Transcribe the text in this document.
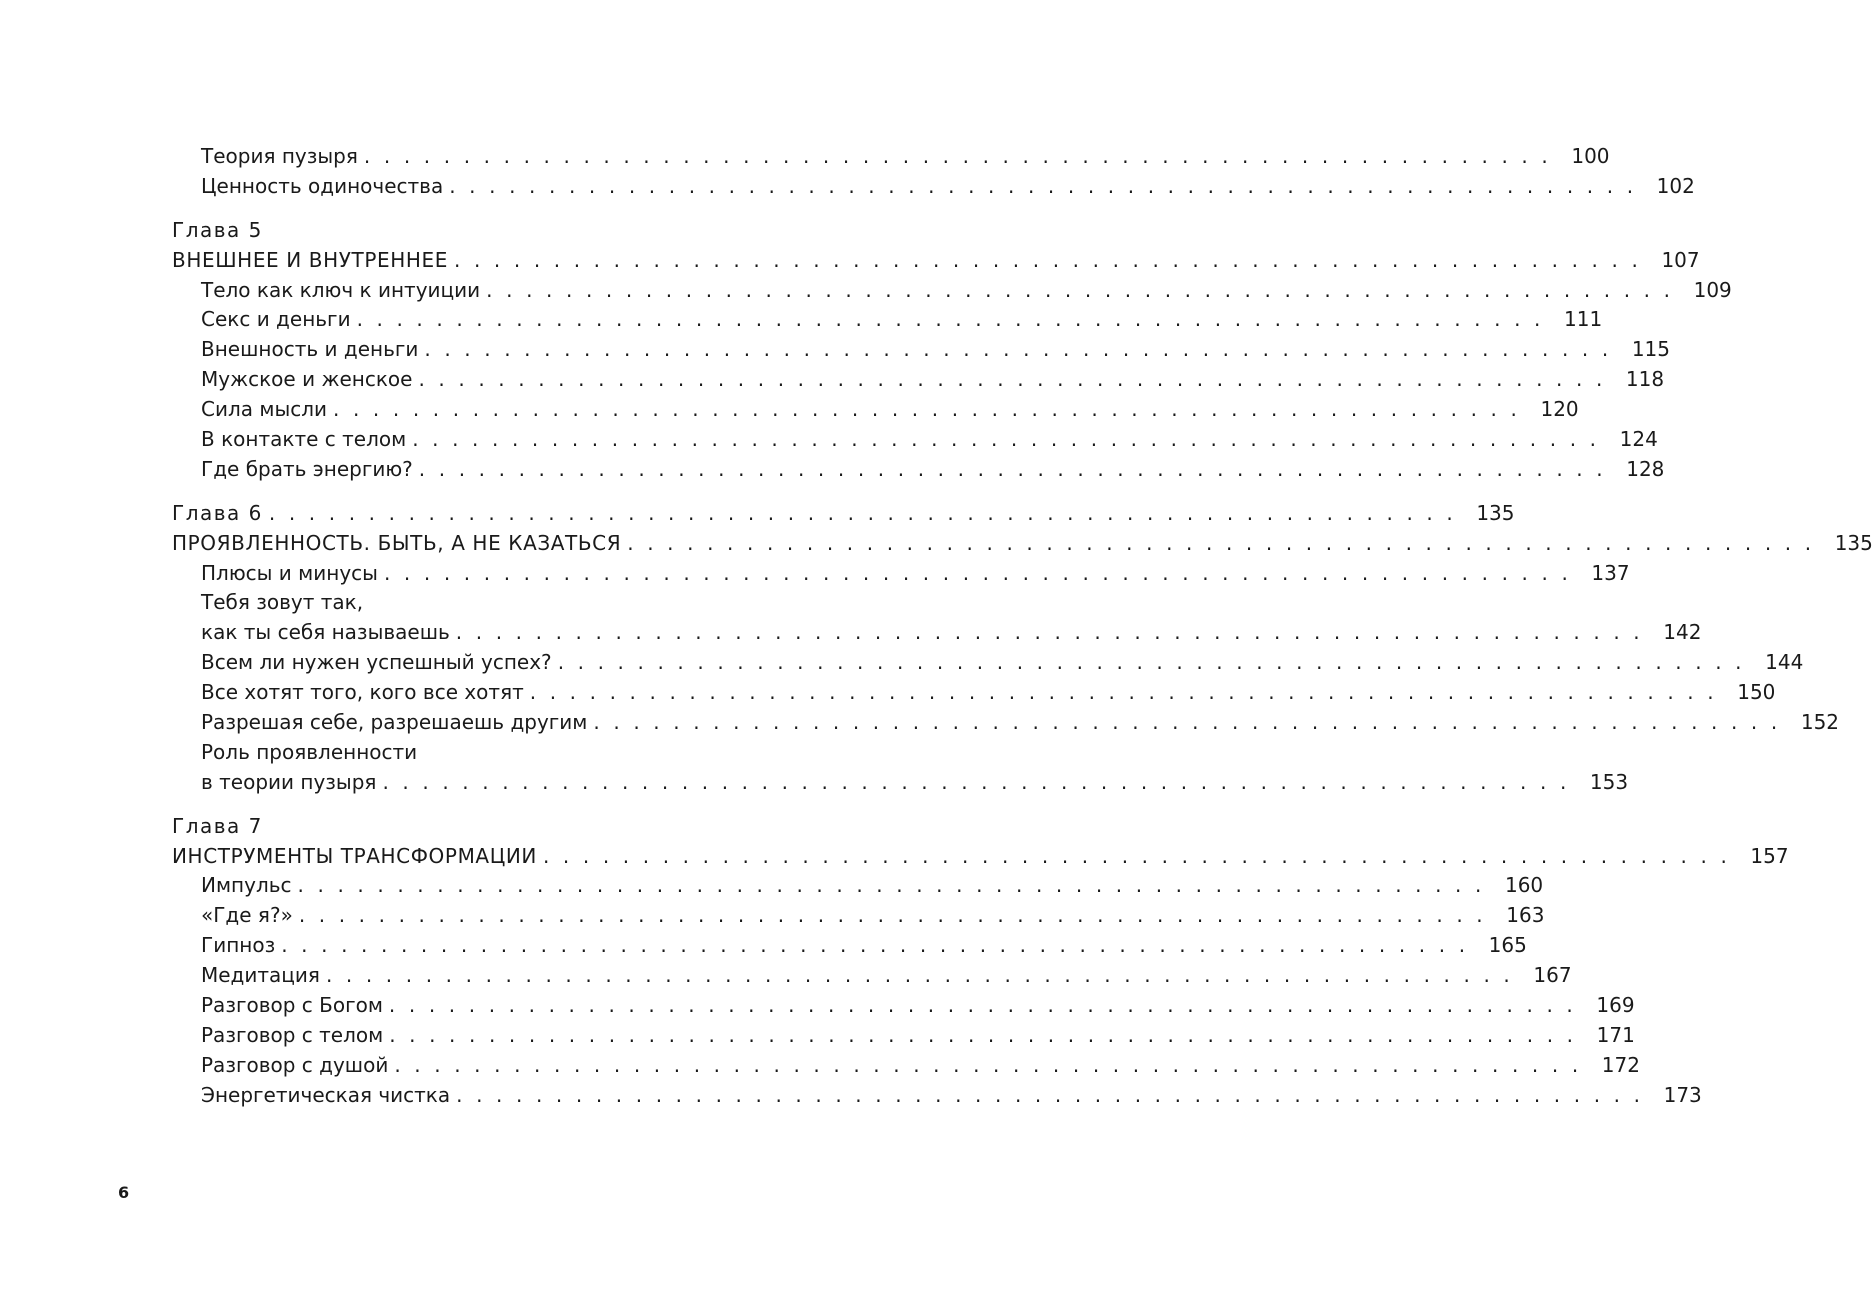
Теория пузыря ............................................................ 100
Ценность одиночества ............................................................ 102
Глава 5
ВНЕШНЕЕ И ВНУТРЕННЕЕ ............................................................ 107
Тело как ключ к интуиции ............................................................ 109
Секс и деньги ............................................................ 111
Внешность и деньги ............................................................ 115
Мужское и женское ............................................................ 118
Сила мысли ............................................................ 120
В контакте с телом ............................................................ 124
Где брать энергию? ............................................................ 128
Глава 6 ............................................................ 135
ПРОЯВЛЕННОСТЬ. БЫТЬ, А НЕ КАЗАТЬСЯ ............................................................ 135
Плюсы и минусы ............................................................ 137
Тебя зовут так,
как ты себя называешь ............................................................ 142
Всем ли нужен успешный успех? ............................................................ 144
Все хотят того, кого все хотят ............................................................ 150
Разрешая себе, разрешаешь другим ............................................................ 152
Роль проявленности
в теории пузыря ............................................................ 153
Глава 7
ИНСТРУМЕНТЫ ТРАНСФОРМАЦИИ ............................................................ 157
Импульс ............................................................ 160
«Где я?» ............................................................ 163
Гипноз ............................................................ 165
Медитация ............................................................ 167
Разговор с Богом ............................................................ 169
Разговор с телом ............................................................ 171
Разговор с душой ............................................................ 172
Энергетическая чистка ............................................................ 173
6
